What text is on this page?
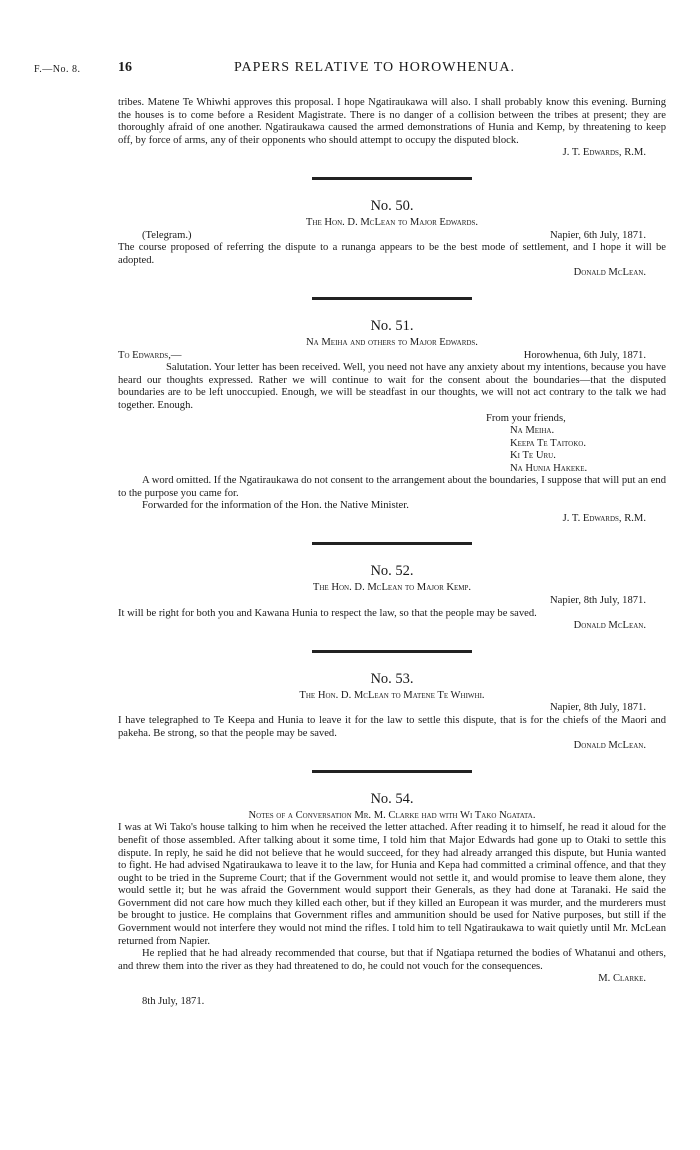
F.—No. 8.	16	PAPERS RELATIVE TO HOROWHENUA.

tribes. Matene Te Whiwhi approves this proposal. I hope Ngatiraukawa will also. I shall probably know this evening. Burning the houses is to come before a Resident Magistrate. There is no danger of a collision between the tribes at present; they are thoroughly afraid of one another. Ngatiraukawa caused the armed demonstrations of Hunia and Kemp, by threatening to keep off, by force of arms, any of their opponents who should attempt to occupy the disputed block.

J. T. Edwards, R.M.

No. 50.
The Hon. D. McLean to Major Edwards.
(Telegram.)	Napier, 6th July, 1871.

The course proposed of referring the dispute to a runanga appears to be the best mode of settlement, and I hope it will be adopted.

Donald McLean.

No. 51.
Na Meiha and others to Major Edwards.
To Edwards,—	Horowhenua, 6th July, 1871.

Salutation. Your letter has been received. Well, you need not have any anxiety about my intentions, because you have heard our thoughts expressed. Rather we will continue to wait for the consent about the boundaries—that the disputed boundaries are to be left unoccupied. Enough, we will be steadfast in our thoughts, we will not act contrary to the talk we had together. Enough.

From your friends,
Na Meiha.
Keepa Te Taitoko.
Ki Te Uru.
Na Hunia Hakeke.

A word omitted. If the Ngatiraukawa do not consent to the arrangement about the boundaries, I suppose that will put an end to the purpose you came for.

Forwarded for the information of the Hon. the Native Minister.

J. T. Edwards, R.M.

No. 52.
The Hon. D. McLean to Major Kemp.

Napier, 8th July, 1871.

It will be right for both you and Kawana Hunia to respect the law, so that the people may be saved.

Donald McLean.

No. 53.
The Hon. D. McLean to Matene Te Whiwhi.

Napier, 8th July, 1871.

I have telegraphed to Te Keepa and Hunia to leave it for the law to settle this dispute, that is for the chiefs of the Maori and pakeha. Be strong, so that the people may be saved.

Donald McLean.

No. 54.
Notes of a Conversation Mr. M. Clarke had with Wi Tako Ngatata.

I was at Wi Tako's house talking to him when he received the letter attached. After reading it to himself, he read it aloud for the benefit of those assembled. After talking about it some time, I told him that Major Edwards had gone up to Otaki to settle this dispute. In reply, he said he did not believe that he would succeed, for they had already arranged this dispute, but Hunia wanted to fight. He had advised Ngatiraukawa to leave it to the law, for Hunia and Kepa had committed a criminal offence, and that they ought to be tried in the Supreme Court; that if the Government would not settle it, and would promise to leave them alone, they would settle it; but he was afraid the Government would support their Generals, as they had done at Taranaki. He said the Government did not care how much they killed each other, but if they killed an European it was murder, and the murderers must be brought to justice. He complains that Government rifles and ammunition should be used for Native purposes, but still if the Government would not interfere they would not mind the rifles. I told him to tell Ngatiraukawa to wait quietly until Mr. McLean returned from Napier.

He replied that he had already recommended that course, but that if Ngatiapa returned the bodies of Whatanui and others, and threw them into the river as they had threatened to do, he could not vouch for the consequences.

M. Clarke.

8th July, 1871.
